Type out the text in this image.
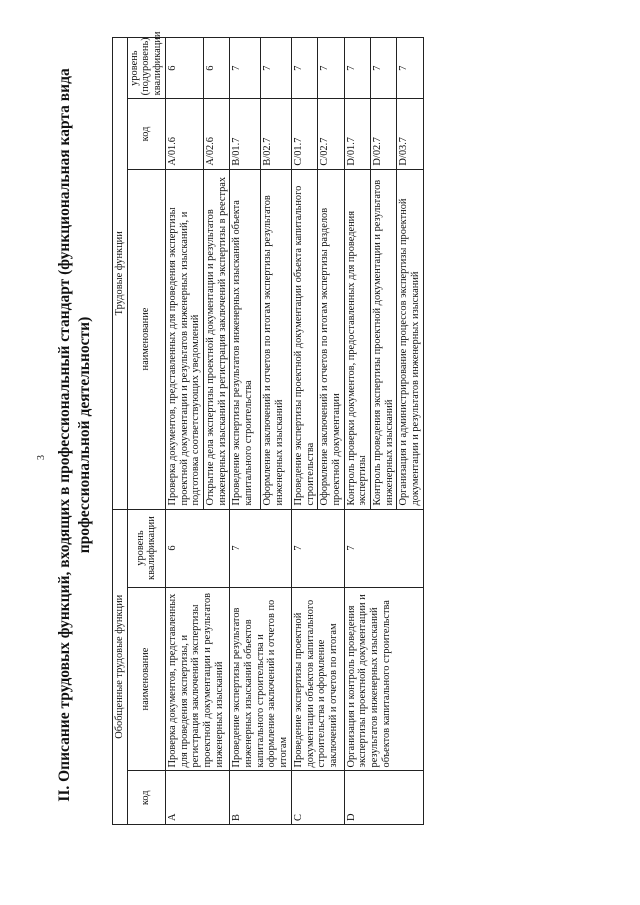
3 II. Описание трудовых функций, входящих в профессиональный стандарт (функциональная карта вида профессиональной деятельности)
Обобщенные трудовые функции			Трудовые функции		
код	наименование	уровень квалификации	наименование	код	уровень (подуровень) квалификации
A	Проверка документов, представленных для проведения экспертизы, и регистрация заключений экспертизы проектной документации и результатов инженерных изысканий	6	Проверка документов, представленных для проведения экспертизы проектной документации и результатов инженерных изысканий, и подготовка соответствующих уведомлений	A/01.6	6
			Открытие дела экспертизы проектной документации и результатов инженерных изысканий и регистрация заключений экспертизы в реестрах	A/02.6	6
B	Проведение экспертизы результатов инженерных изысканий объектов капитального строительства и оформление заключений и отчетов по итогам	7	Проведение экспертизы результатов инженерных изысканий объекта капитального строительства	B/01.7	7
			Оформление заключений и отчетов по итогам экспертизы результатов инженерных изысканий	B/02.7	7
C	Проведение экспертизы проектной документации объектов капитального строительства и оформление заключений и отчетов по итогам	7	Проведение экспертизы проектной документации объекта капитального строительства	C/01.7	7
			Оформление заключений и отчетов по итогам экспертизы разделов проектной документации	C/02.7	7
D	Организация и контроль проведения экспертизы проектной документации и результатов инженерных изысканий объектов капитального строительства	7	Контроль проверки документов, предоставленных для проведения экспертизы	D/01.7	7
			Контроль проведения экспертизы проектной документации и результатов инженерных изысканий	D/02.7	7
			Организация и администрирование процессов экспертизы проектной документации и результатов инженерных изысканий	D/03.7	7
